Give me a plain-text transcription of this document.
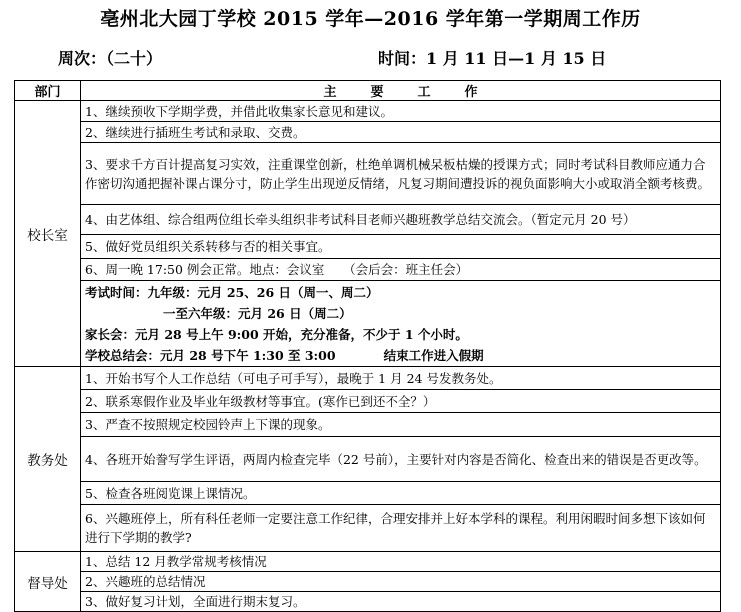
亳州北大园丁学校 2015 学年—2016 学年第一学期周工作历
周次：（二十）	时间：1 月 11 日—1 月 15 日
部门	主要工作
校长室	1、继续预收下学期学费，并借此收集家长意见和建议。
	2、继续进行插班生考试和录取、交费。
	3、要求千方百计提高复习实效，注重课堂创新，杜绝单调机械呆板枯燥的授课方式；同时考试科目教师应通力合作密切沟通把握补课占课分寸，防止学生出现逆反情绪，凡复习期间遭投诉的视负面影响大小或取消全额考核费。
	4、由艺体组、综合组两位组长牵头组织非考试科目老师兴趣班教学总结交流会。（暂定元月 20 号）
	5、做好党员组织关系转移与否的相关事宜。
	6、周一晚 17:50 例会正常。地点：会议室　　（会后会：班主任会）

	考试时间：九年级：元月 25、26 日（周一、周二）
一至六年级：元月 26 日（周二）
家长会：元月 28 号上午 9:00 开始，充分准备，不少于 1 个小时。
学校总结会：元月 28 号下午 1:30 至 3:00 结束工作进入假期

教务处	1、开始书写个人工作总结（可电子可手写），最晚于 1 月 24 号发教务处。
	2、联系寒假作业及毕业年级教材等事宜。(寒作已到还不全？）
	3、严查不按照规定校园铃声上下课的现象。
	4、各班开始誊写学生评语，两周内检查完毕（22 号前），主要针对内容是否简化、检查出来的错误是否更改等。
	5、检查各班阅览课上课情况。
	6、兴趣班停上，所有科任老师一定要注意工作纪律，合理安排并上好本学科的课程。利用闲暇时间多想下该如何进行下学期的教学?
督导处	1、总结 12 月教学常规考核情况
	2、兴趣班的总结情况
	3、做好复习计划，全面进行期末复习。
